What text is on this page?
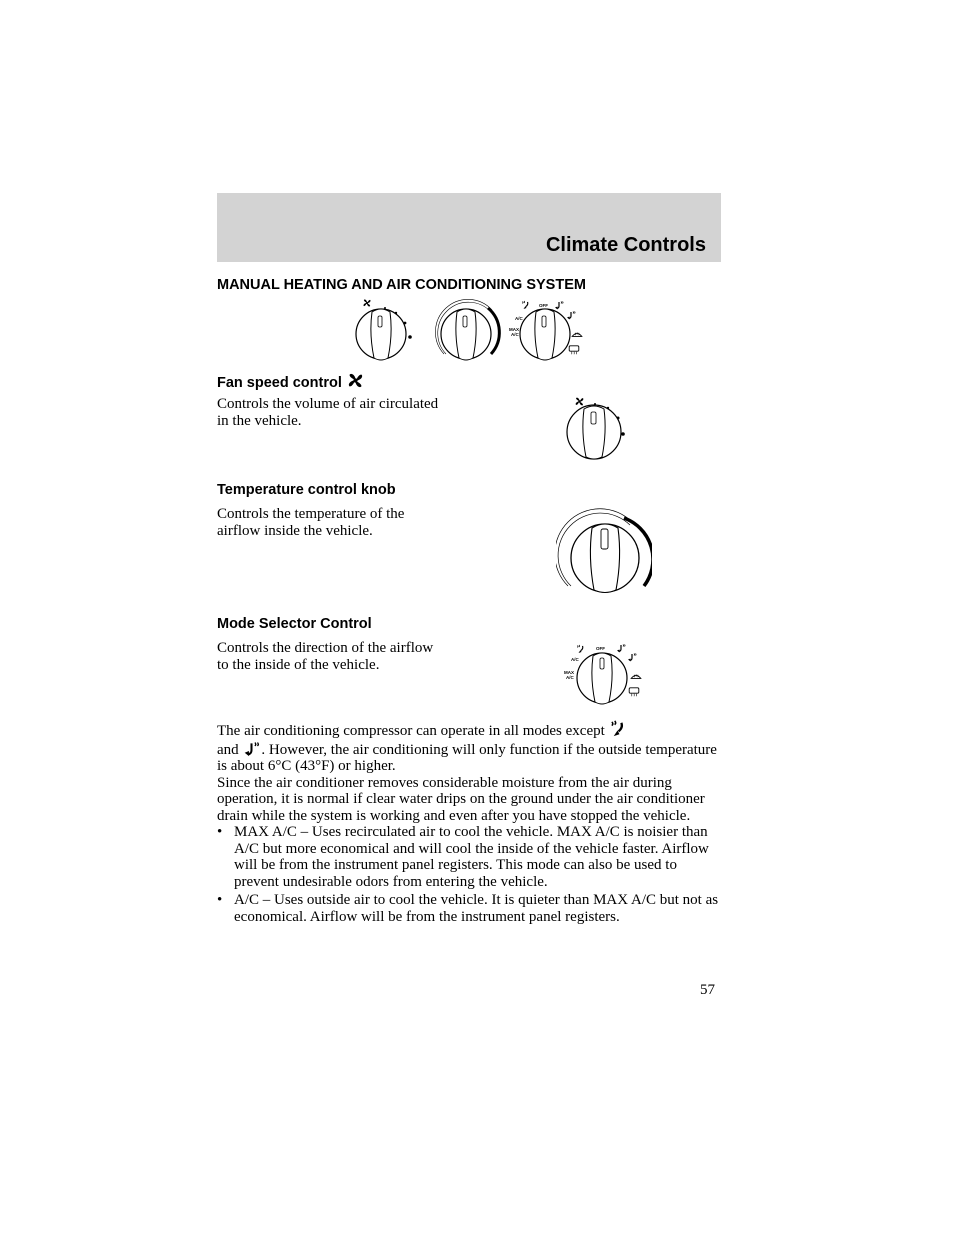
Climate Controls
MANUAL HEATING AND AIR CONDITIONING SYSTEM
OFF
A/C
MAX
A/C
Fan speed control
Controls the volume of air circulated
in the vehicle.
Temperature control knob
Controls the temperature of the
airflow inside the vehicle.
Mode Selector Control
Controls the direction of the airflow
to the inside of the vehicle.
OFF
A/C
MAX
A/C

The air conditioning compressor can operate in all modes except
and . However, the air conditioning will only function if the outside temperature is about 6°C (43°F) or higher.

Since the air conditioner removes considerable moisture from the air during operation, it is normal if clear water drips on the ground under the air conditioner drain while the system is working and even after you have stopped the vehicle.

• MAX A/C – Uses recirculated air to cool the vehicle. MAX A/C is noisier than A/C but more economical and will cool the inside of the vehicle faster. Airflow will be from the instrument panel registers. This mode can also be used to prevent undesirable odors from entering the vehicle.
• A/C – Uses outside air to cool the vehicle. It is quieter than MAX A/C but not as economical. Airflow will be from the instrument panel registers.
57
